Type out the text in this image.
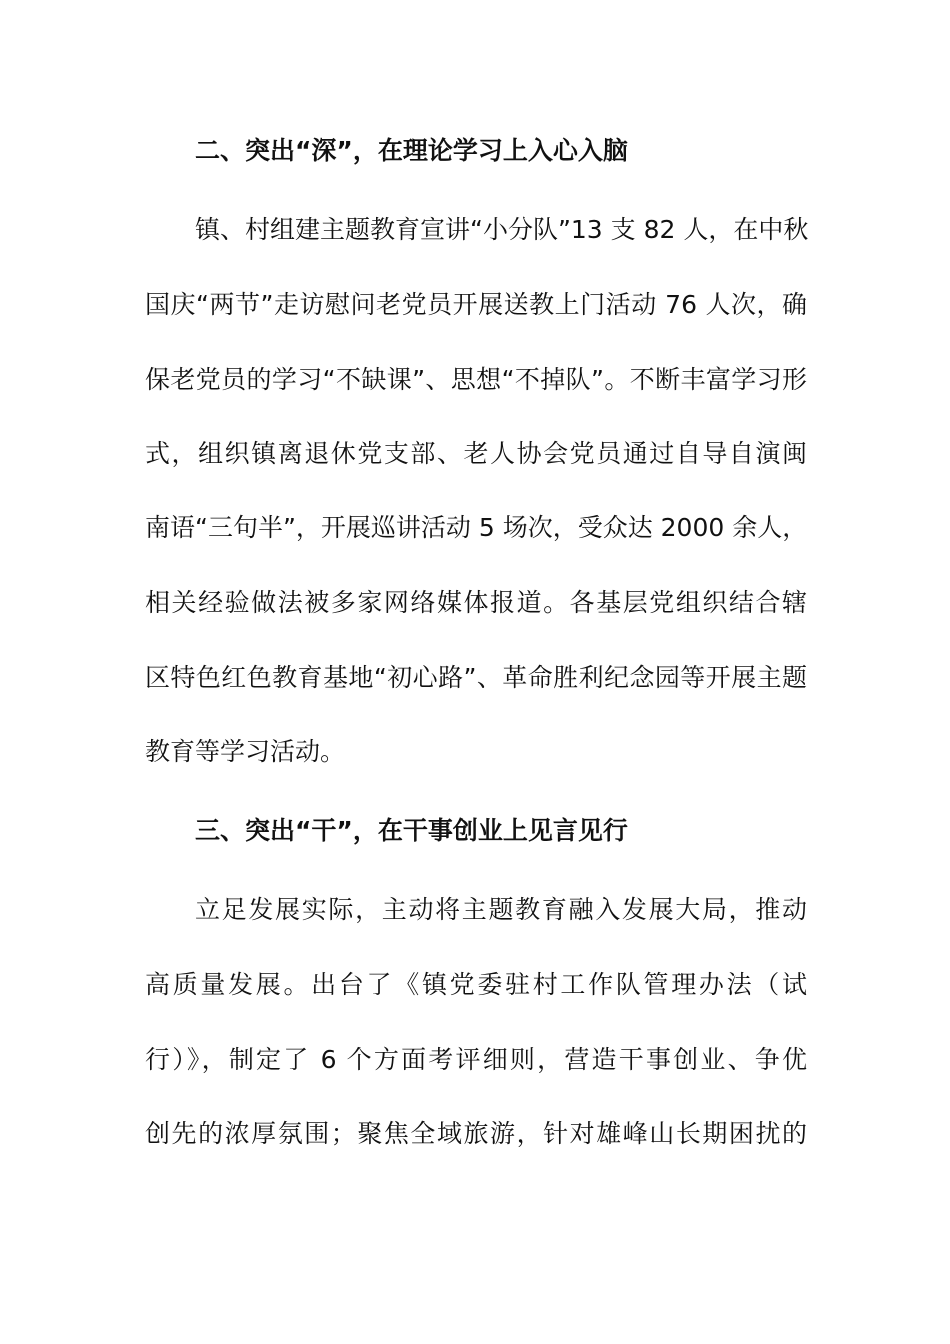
二、突出“深”，在理论学习上入心入脑
镇、村组建主题教育宣讲“小分队”13 支 82 人，在中秋
国庆“两节”走访慰问老党员开展送教上门活动 76 人次，确
保老党员的学习“不缺课”、思想“不掉队”。不断丰富学习形
式，组织镇离退休党支部、老人协会党员通过自导自演闽
南语“三句半”，开展巡讲活动 5 场次，受众达 2000 余人，
相关经验做法被多家网络媒体报道。各基层党组织结合辖
区特色红色教育基地“初心路”、革命胜利纪念园等开展主题
教育等学习活动。
三、突出“干”，在干事创业上见言见行
立足发展实际，主动将主题教育融入发展大局，推动
高质量发展。出台了《镇党委驻村工作队管理办法（试
行）》，制定了 6 个方面考评细则，营造干事创业、争优
创先的浓厚氛围；聚焦全域旅游，针对雄峰山长期困扰的
